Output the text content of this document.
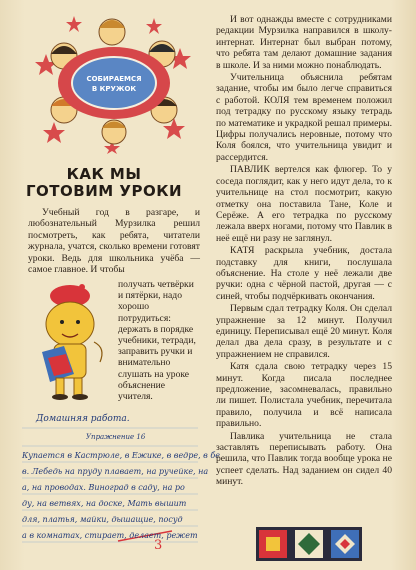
СОБИРАЕМСЯ
В КРУЖОК
КАК МЫ
ГОТОВИМ УРОКИ
Учебный год в разгаре, и любознательный Мурзилка решил посмотреть, как ребята, читатели журнала, учатся, сколько времени готовят уроки. Ведь для школьника учёба — самое главное. И чтобы
получать четвёрки и пятёрки, надо хорошо потрудиться: держать в порядке учебники, тетради, заправить ручки и внимательно слушать на уроке объяснение учителя.
Домашняя работа.
Упражнение 16
Купается в Кастрюле, в Ежике, в ведре, в бе
в. Лебедь на пруду плавает, на ручейке, на
а, на проводах. Виноград в саду, на ро
ду, на ветвях, на доске, Мать вышит
для, платья, майки, дышащие, посуд
а в комнатах, стирает, делает, режет
3

И вот однажды вместе с сотрудниками редакции Мурзилка направился в школу-интернат. Интернат был выбран потому, что ребята там делают домашние задания в школе. И за ними можно понаблюдать.

Учительница объяснила ребятам задание, чтобы им было легче справиться с работой. КОЛЯ тем временем положил под тетрадку по русскому языку тетрадь по математике и украдкой решал примеры. Цифры получались неровные, потому что Коля боялся, что учительница увидит и рассердится.

ПАВЛИК вертелся как флюгер. То у соседа поглядит, как у него идут дела, то к учительнице на стол посмотрит, какую отметку она поставила Тане, Коле и Серёже. А его тетрадка по русскому лежала вверх ногами, потому что Павлик в неё ещё ни разу не заглянул.

КАТЯ раскрыла учебник, достала подставку для книги, послушала объяснение. На столе у неё лежали две ручки: одна с чёрной пастой, другая — с синей, чтобы подчёркивать окончания.

Первым сдал тетрадку Коля. Он сделал упражнение за 12 минут. Получил единицу. Переписывал ещё 20 минут. Коля делал два дела сразу, в результате и с упражнением не справился.

Катя сдала свою тетрадку через 15 минут. Когда писала последнее предложение, засомневалась, правильно ли пишет. Полистала учебник, перечитала правило, получила и всё написала правильно.

Павлика учительница не стала заставлять переписывать работу. Она решила, что Павлик тогда вообще урока не успеет сделать. Над заданием он сидел 40 минут.
